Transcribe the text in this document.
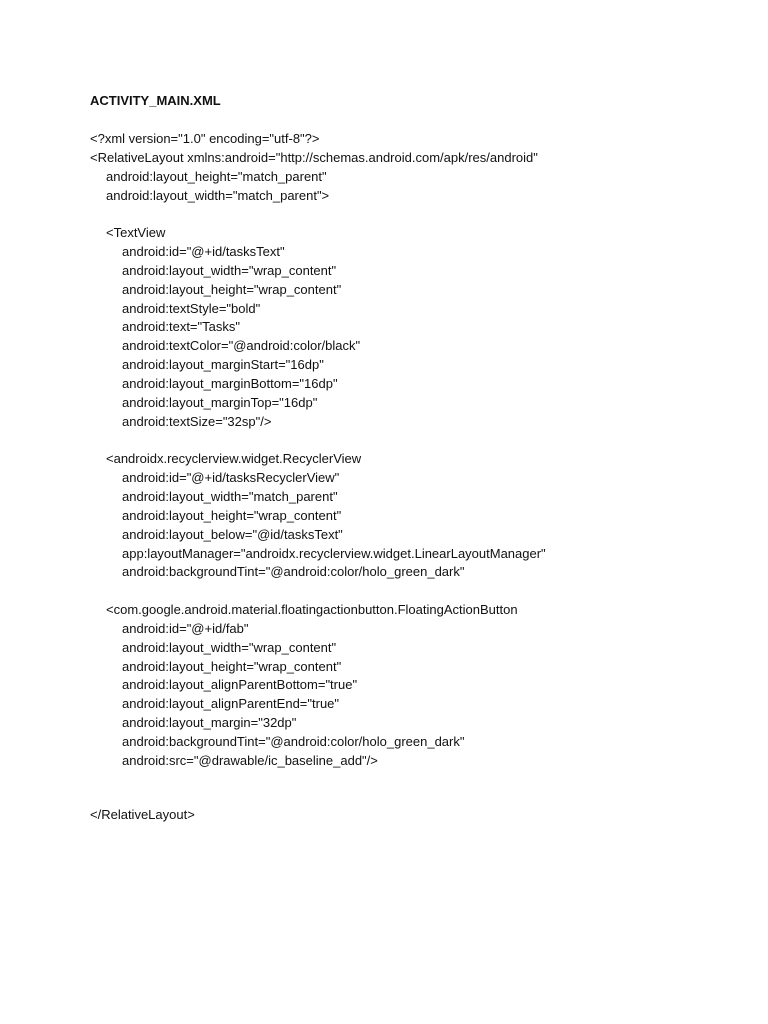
ACTIVITY_MAIN.XML
<?xml version="1.0" encoding="utf-8"?>
<RelativeLayout xmlns:android="http://schemas.android.com/apk/res/android"
android:layout_height="match_parent"
android:layout_width="match_parent">
<TextView
android:id="@+id/tasksText"
android:layout_width="wrap_content"
android:layout_height="wrap_content"
android:textStyle="bold"
android:text="Tasks"
android:textColor="@android:color/black"
android:layout_marginStart="16dp"
android:layout_marginBottom="16dp"
android:layout_marginTop="16dp"
android:textSize="32sp"/>
<androidx.recyclerview.widget.RecyclerView
android:id="@+id/tasksRecyclerView"
android:layout_width="match_parent"
android:layout_height="wrap_content"
android:layout_below="@id/tasksText"
app:layoutManager="androidx.recyclerview.widget.LinearLayoutManager"
android:backgroundTint="@android:color/holo_green_dark"
<com.google.android.material.floatingactionbutton.FloatingActionButton
android:id="@+id/fab"
android:layout_width="wrap_content"
android:layout_height="wrap_content"
android:layout_alignParentBottom="true"
android:layout_alignParentEnd="true"
android:layout_margin="32dp"
android:backgroundTint="@android:color/holo_green_dark"
android:src="@drawable/ic_baseline_add"/>
</RelativeLayout>
